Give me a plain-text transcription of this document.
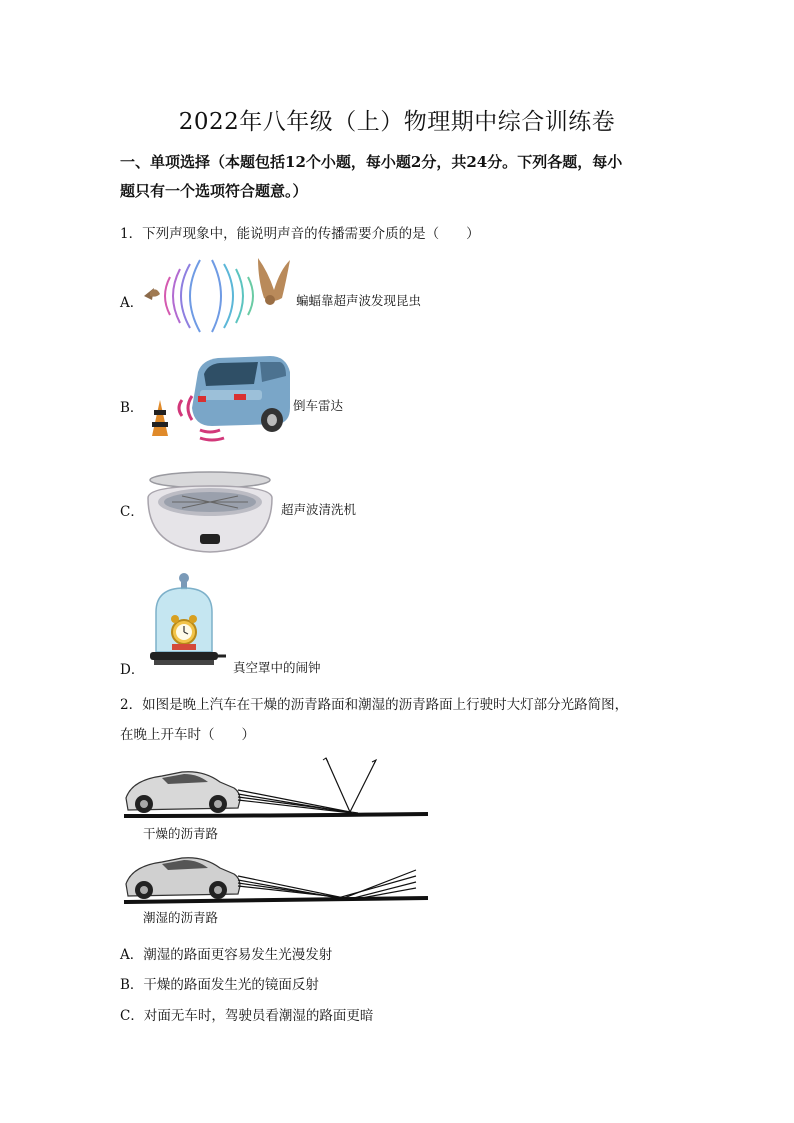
2022年八年级（上）物理期中综合训练卷
一、单项选择（本题包括12个小题，每小题2分，共24分。下列各题，每小
题只有一个选项符合题意。）
1．下列声现象中，能说明声音的传播需要介质的是（　　）
A．	蝙蝠靠超声波发现昆虫
B．	倒车雷达
C．	超声波清洗机
D．	真空罩中的闹钟
2．如图是晚上汽车在干燥的沥青路面和潮湿的沥青路面上行驶时大灯部分光路简图，
在晚上开车时（　　）
干燥的沥青路
潮湿的沥青路
A．潮湿的路面更容易发生光漫发射
B．干燥的路面发生光的镜面反射
C．对面无车时，驾驶员看潮湿的路面更暗
